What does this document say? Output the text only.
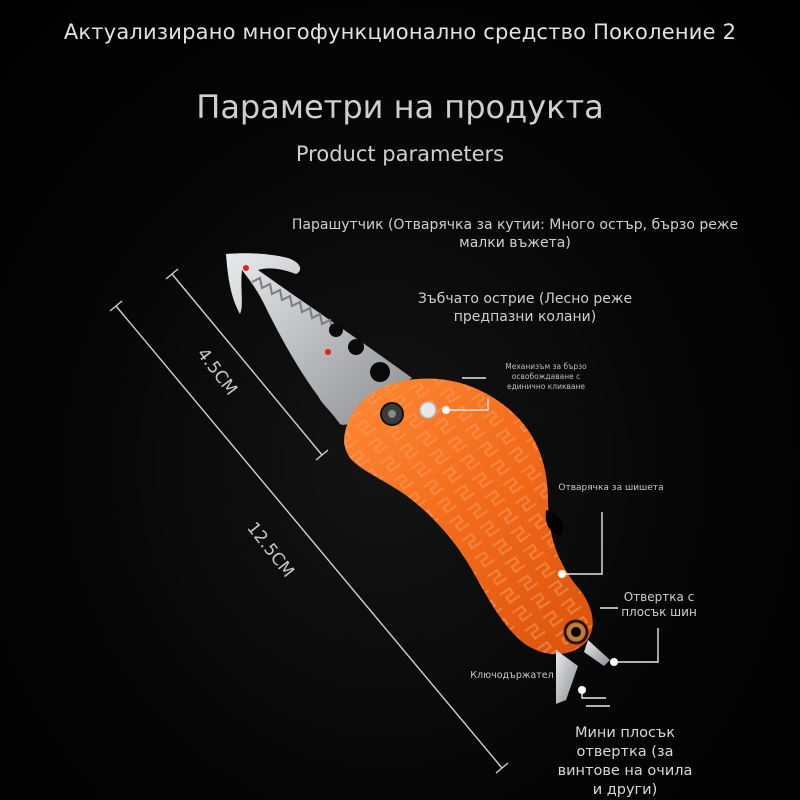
Актуализирано многофункционално средство Поколение 2
Параметри на продукта
Product parameters
4.5CM
12.5CM
Парашутчик (Отварячка за кутии: Много остър, бързо реже малки въжета)
Зъбчато острие (Лесно реже предпазни колани)
Механизъм за бързо освобождаване с единично кликване
Отварячка за шишета
Отвертка с плосък шин
Ключодържател
Мини плосък отвертка (за винтове на очила и други)
